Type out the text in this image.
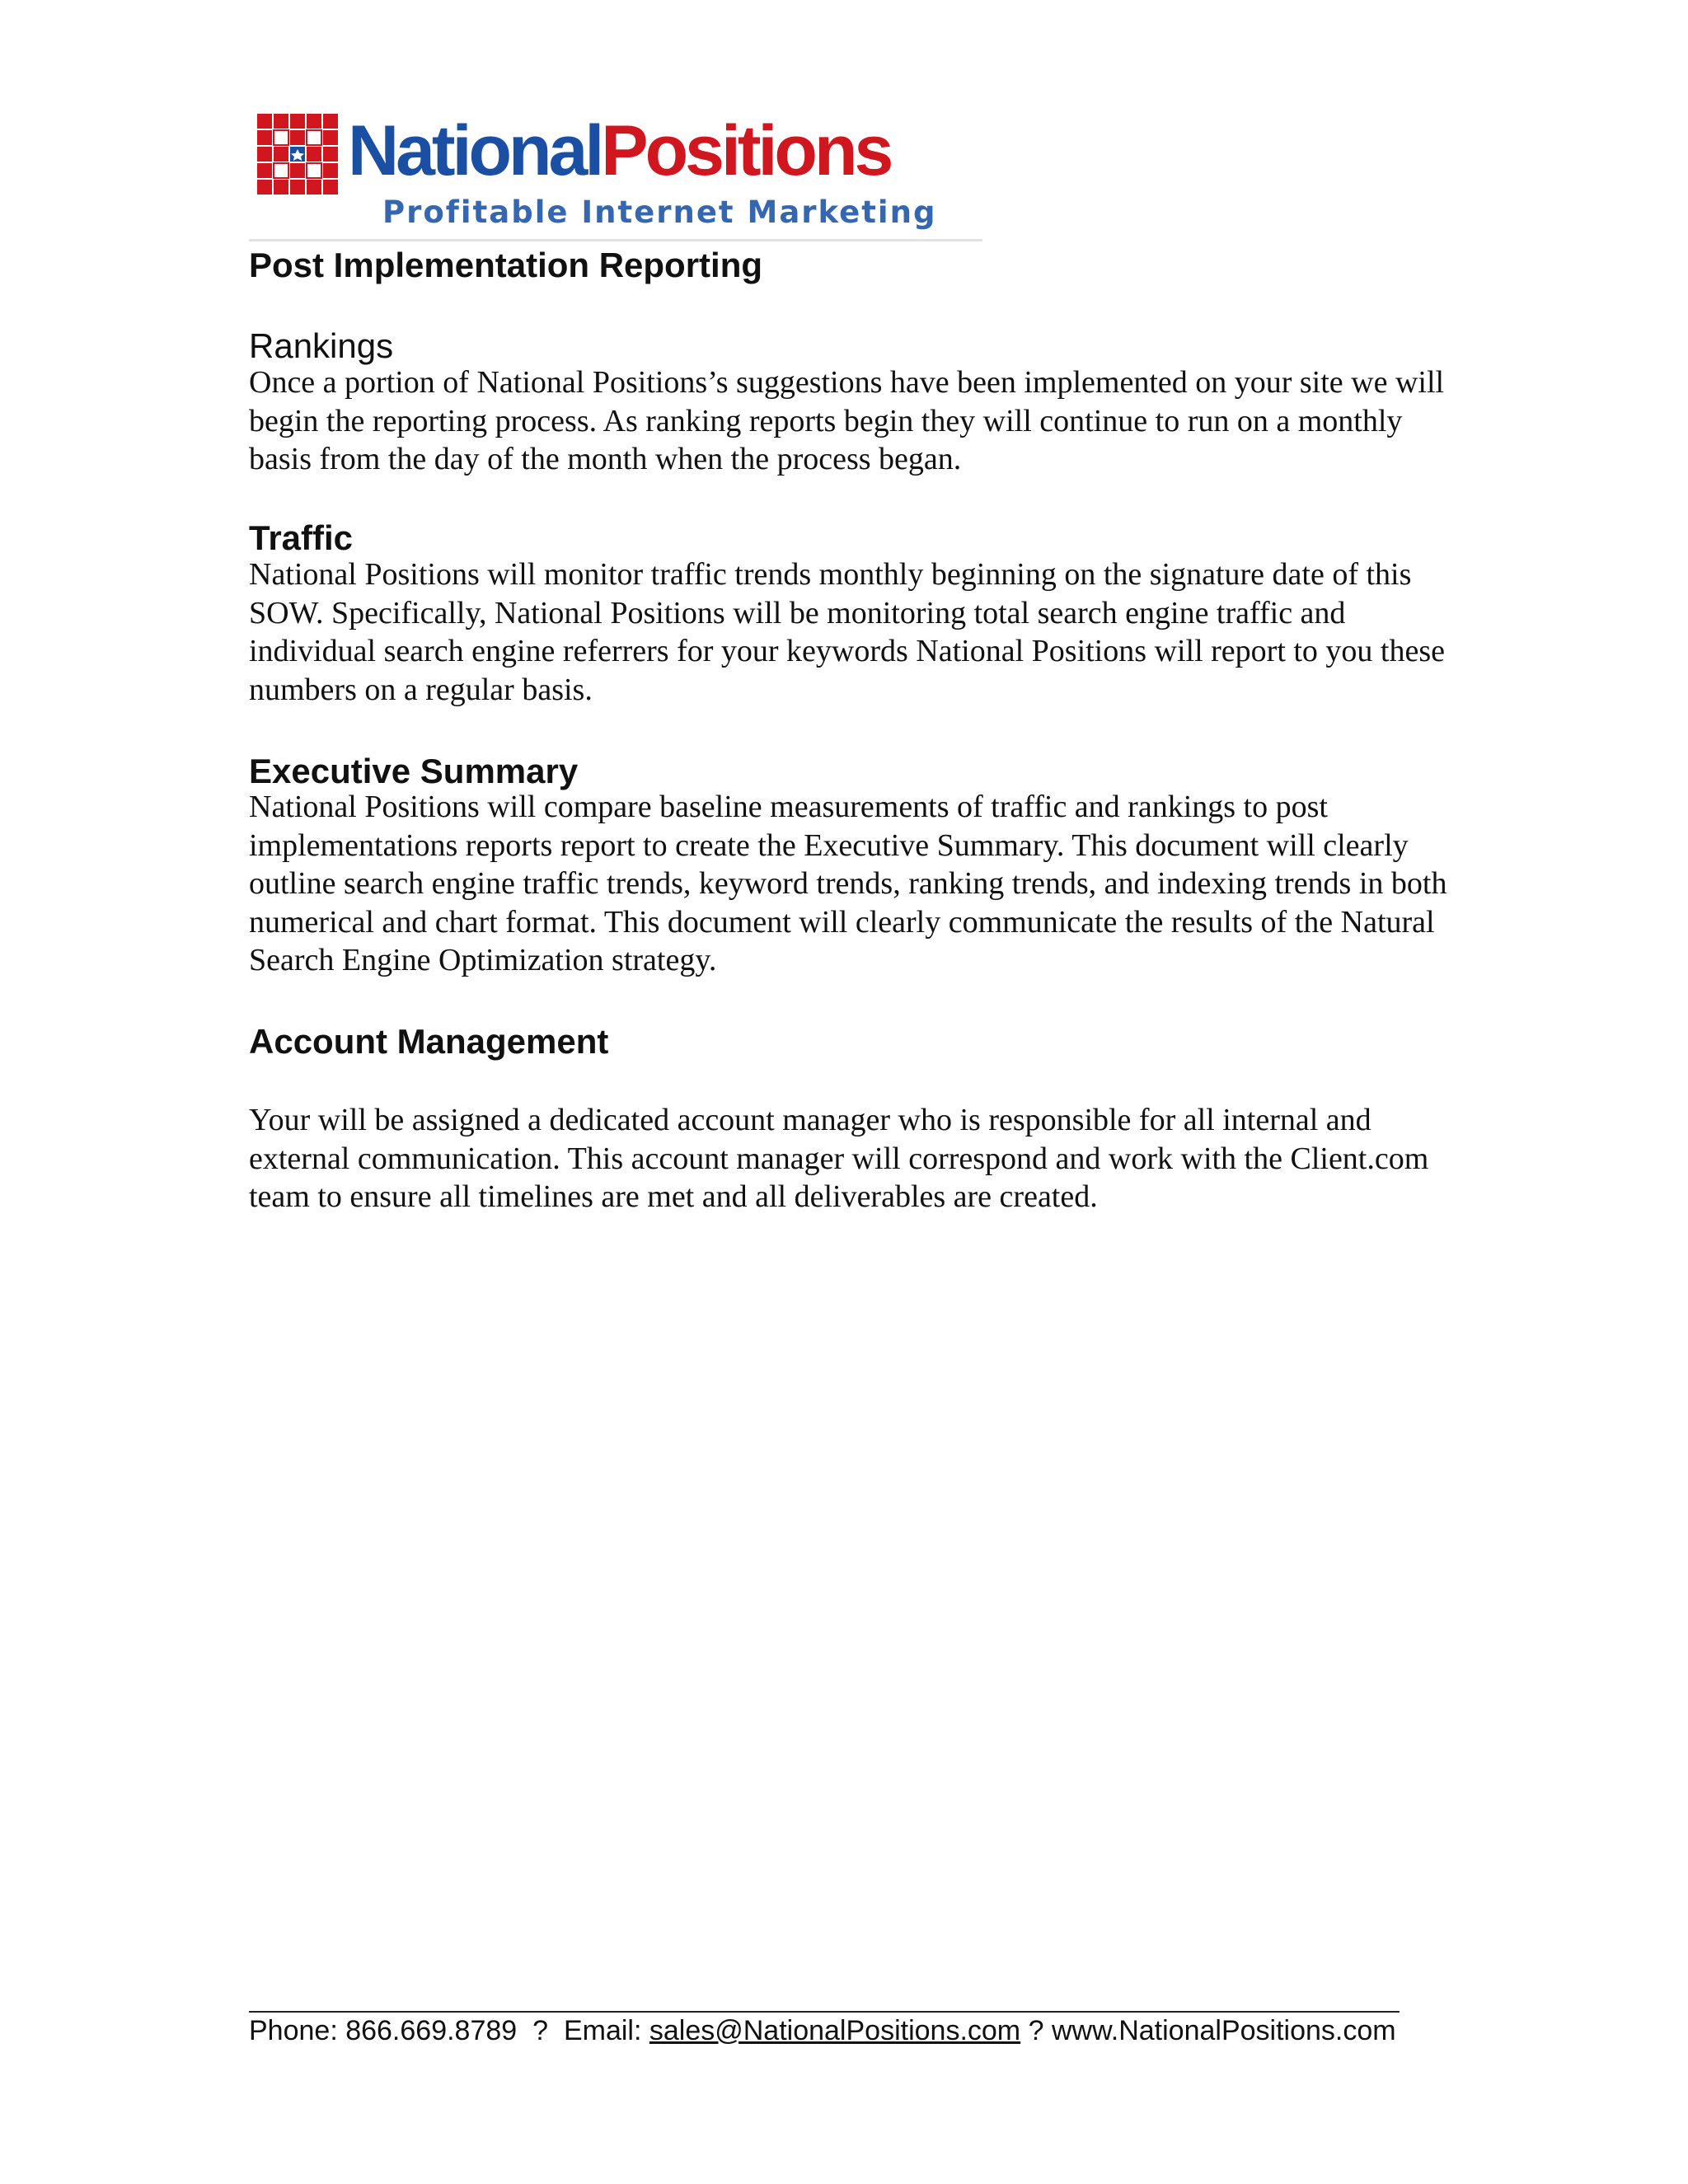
NationalPositions
Profitable Internet Marketing
Post Implementation Reporting
Rankings

Once a portion of National Positions’s suggestions have been implemented on your site we will begin the reporting process. As ranking reports begin they will continue to run on a monthly basis from the day of the month when the process began.

Traffic

National Positions will monitor traffic trends monthly beginning on the signature date of this SOW. Specifically, National Positions will be monitoring total search engine traffic and individual search engine referrers for your keywords National Positions will report to you these numbers on a regular basis.

Executive Summary

National Positions will compare baseline measurements of traffic and rankings to post implementations reports report to create the Executive Summary. This document will clearly outline search engine traffic trends, keyword trends, ranking trends, and indexing trends in both numerical and chart format. This document will clearly communicate the results of the Natural Search Engine Optimization strategy.

Account Management

Your will be assigned a dedicated account manager who is responsible for all internal and external communication. This account manager will correspond and work with the Client.com team to ensure all timelines are met and all deliverables are created.

Phone: 866.669.8789 ? Email: sales@NationalPositions.com ? www.NationalPositions.com
